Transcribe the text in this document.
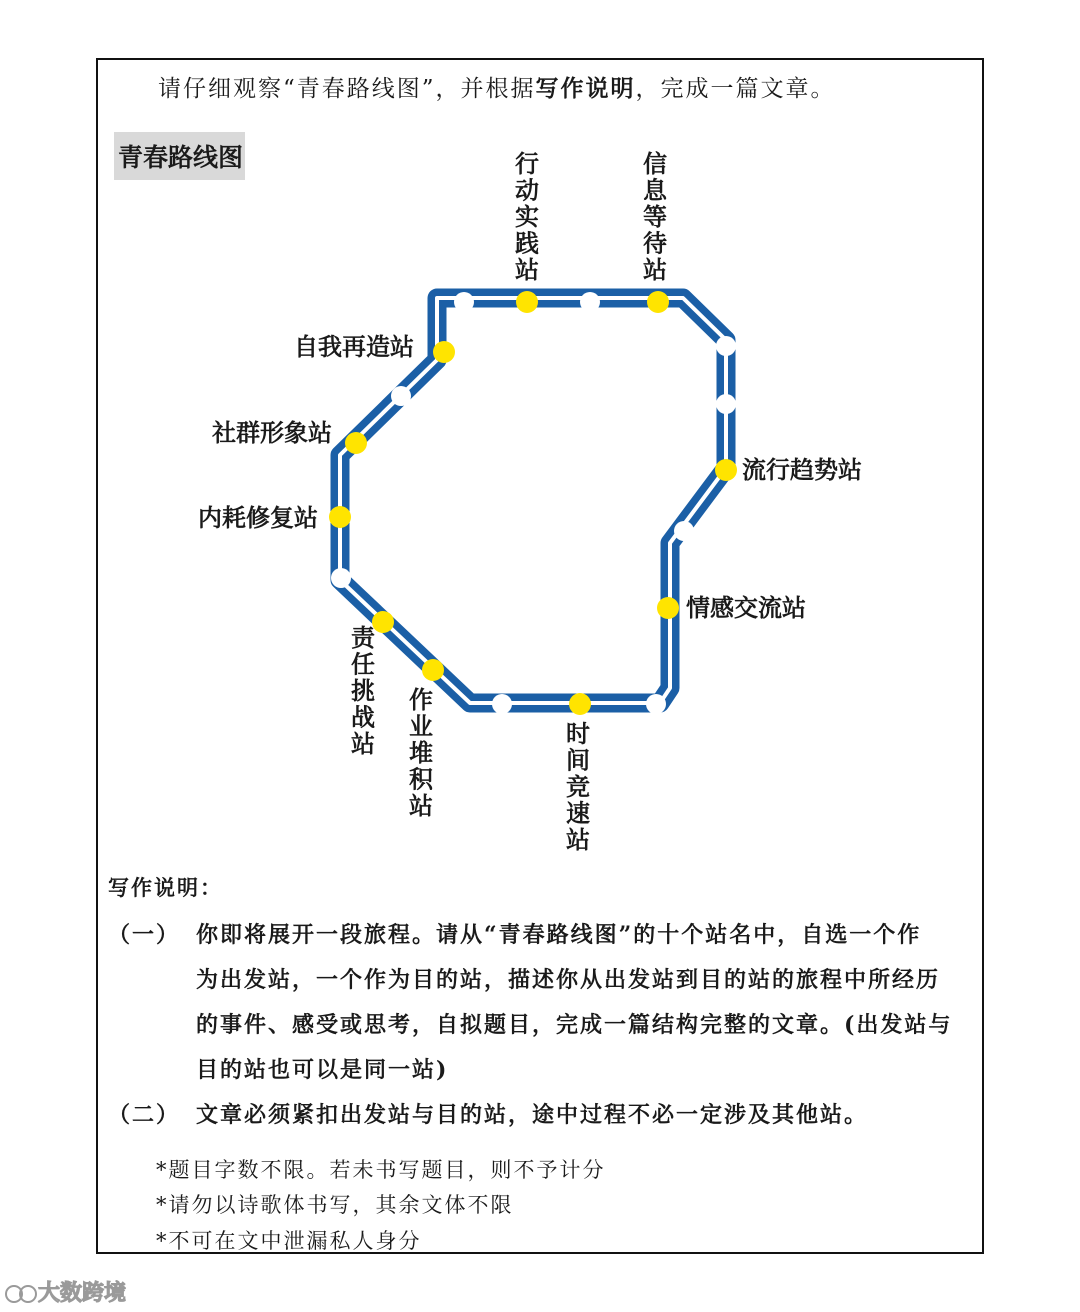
请仔细观察“青春路线图”，并根据写作说明，完成一篇文章。
青春路线图	行动实践站
信息等待站
自我再造站
社群形象站
内耗修复站
流行趋势站
情感交流站
责任挑战站
作业堆积站
时间竞速站
写作说明：
（一） 你即将展开一段旅程。请从“青春路线图”的十个站名中，自选一个作
为出发站，一个作为目的站，描述你从出发站到目的站的旅程中所经历
的事件、感受或思考，自拟题目，完成一篇结构完整的文章。(出发站与
目的站也可以是同一站)
（二） 文章必须紧扣出发站与目的站，途中过程不必一定涉及其他站。
*题目字数不限。若未书写题目，则不予计分
*请勿以诗歌体书写，其余文体不限
*不可在文中泄漏私人身分
大数跨境
